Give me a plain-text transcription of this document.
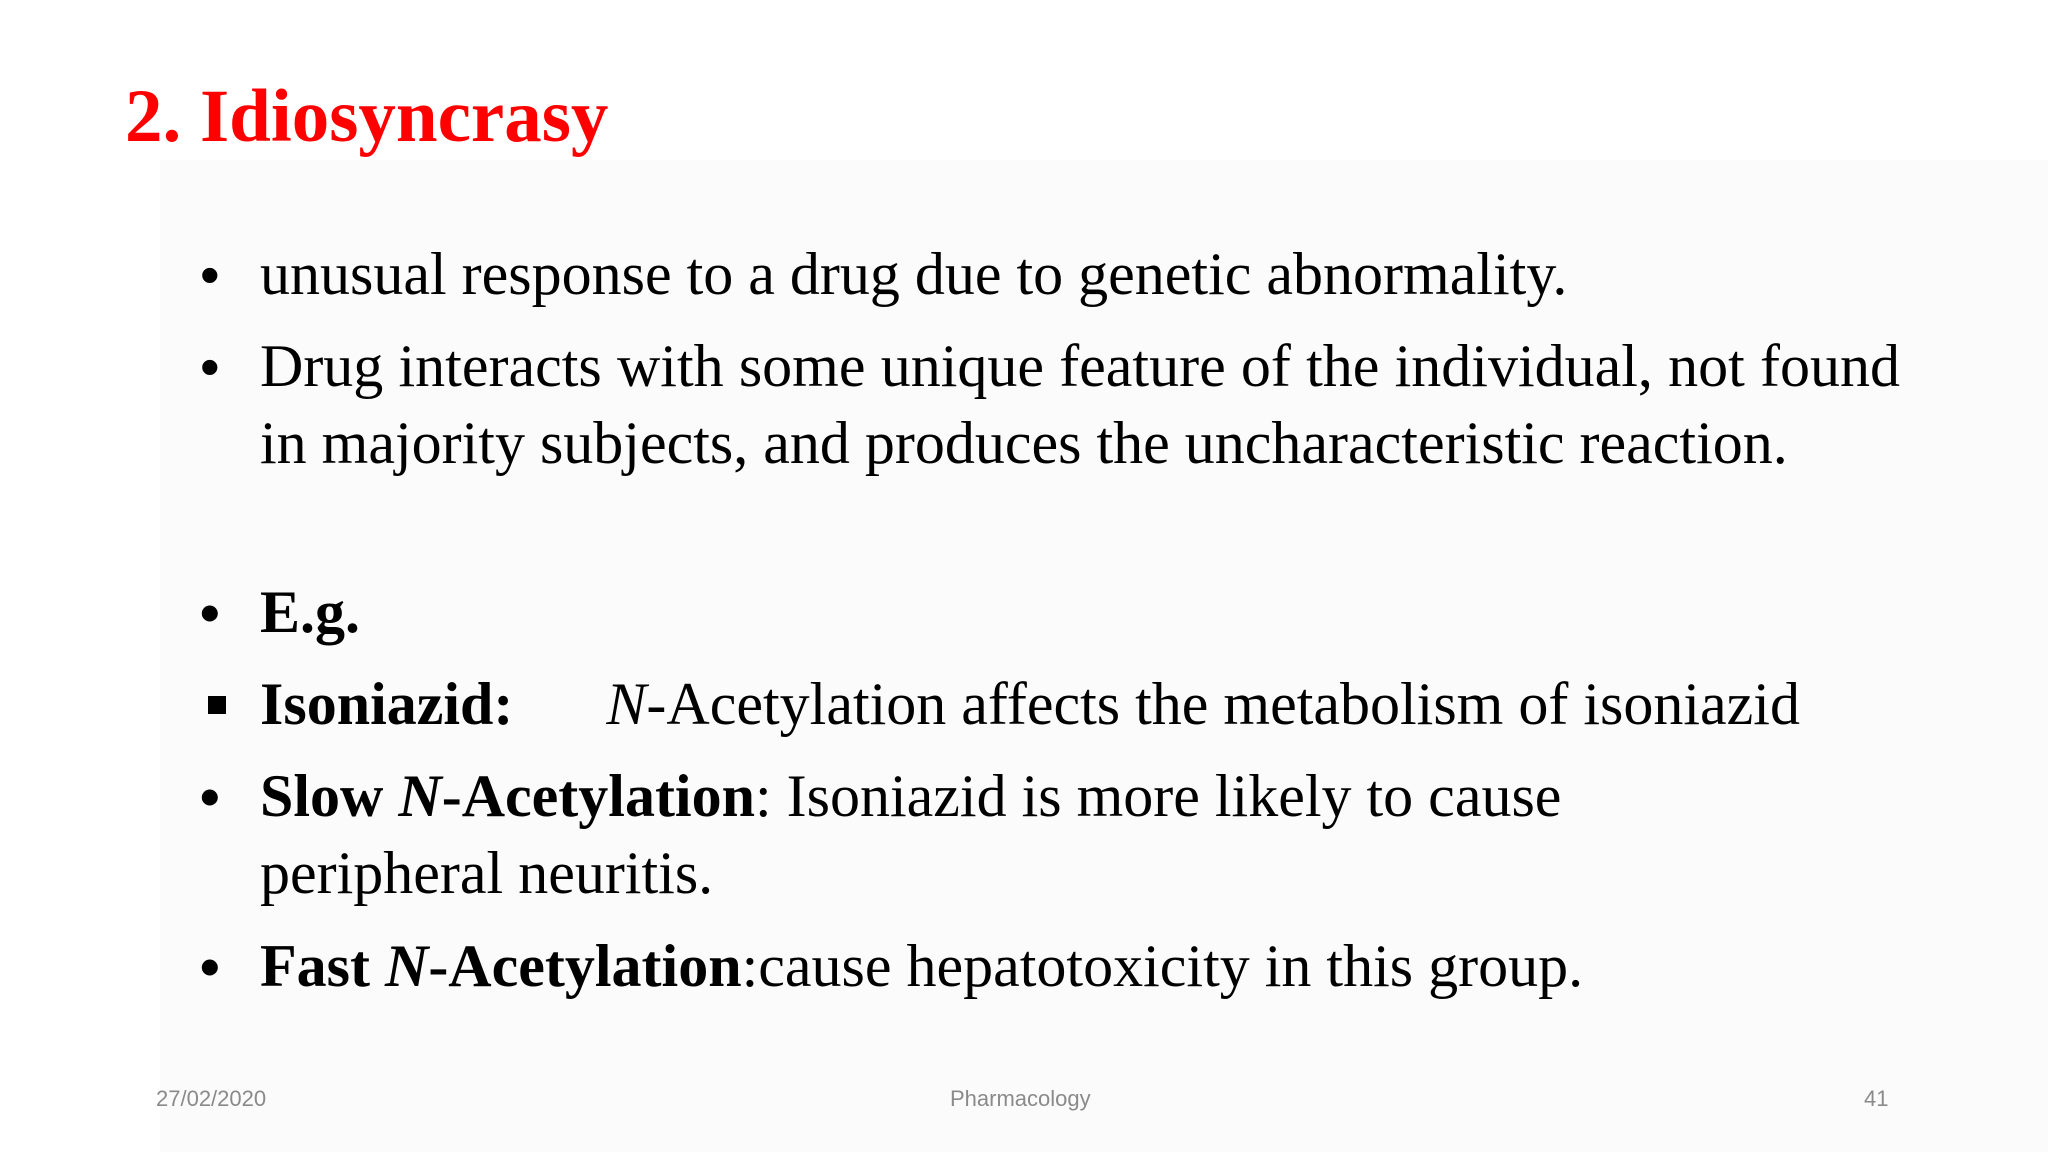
2. Idiosyncrasy
• unusual response to a drug due to genetic abnormality.
• Drug interacts with some unique feature of the individual, not found in majority subjects, and produces the uncharacteristic reaction.
• E.g.
Isoniazid: N-Acetylation affects the metabolism of isoniazid
• Slow N-Acetylation: Isoniazid is more likely to cause
peripheral neuritis.
• Fast N-Acetylation:cause hepatotoxicity in this group.
27/02/2020	Pharmacology	41
